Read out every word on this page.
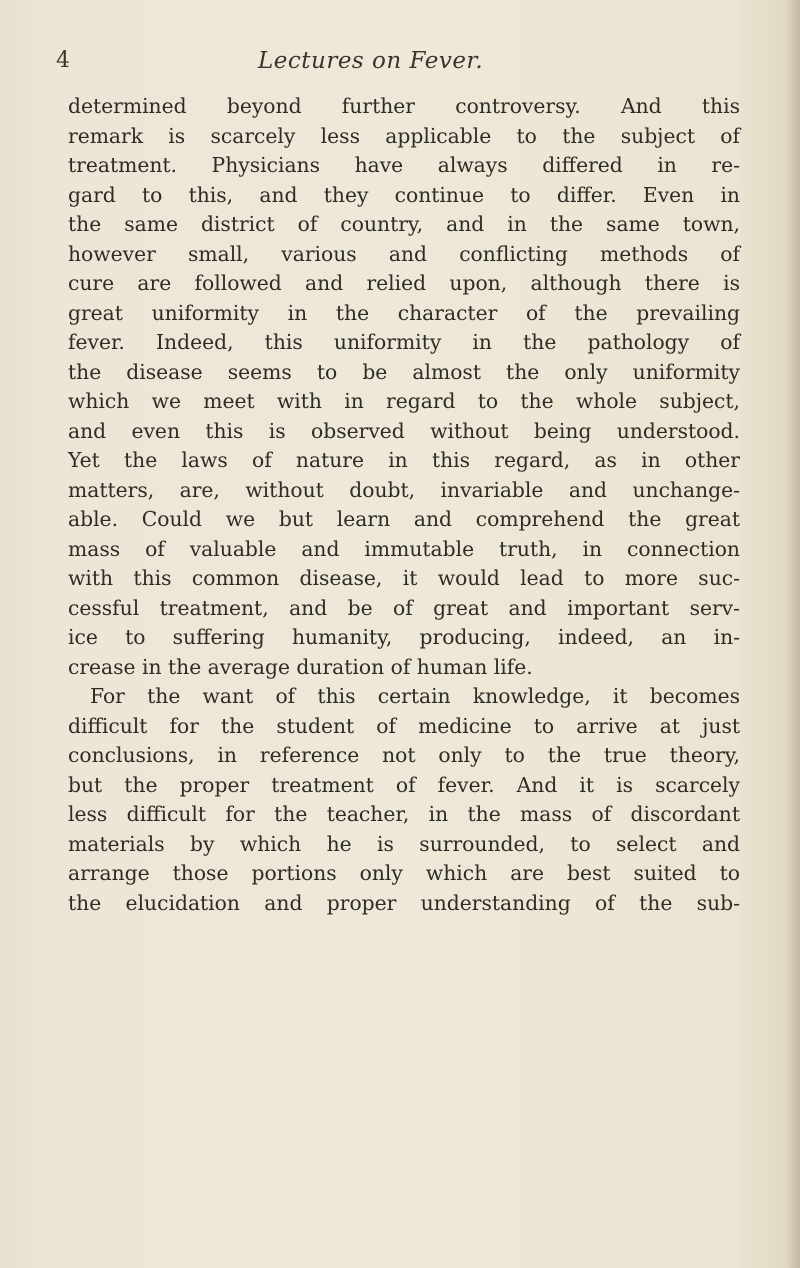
4	Lectures on Fever.
determined beyond further controversy. And this
remark is scarcely less applicable to the subject of
treatment. Physicians have always differed in re-
gard to this, and they continue to differ. Even in
the same district of country, and in the same town,
however small, various and conflicting methods of
cure are followed and relied upon, although there is
great uniformity in the character of the prevailing
fever. Indeed, this uniformity in the pathology of
the disease seems to be almost the only uniformity
which we meet with in regard to the whole subject,
and even this is observed without being understood.
Yet the laws of nature in this regard, as in other
matters, are, without doubt, invariable and unchange-
able. Could we but learn and comprehend the great
mass of valuable and immutable truth, in connection
with this common disease, it would lead to more suc-
cessful treatment, and be of great and important serv-
ice to suffering humanity, producing, indeed, an in-
crease in the average duration of human life.
For the want of this certain knowledge, it becomes
difficult for the student of medicine to arrive at just
conclusions, in reference not only to the true theory,
but the proper treatment of fever. And it is scarcely
less difficult for the teacher, in the mass of discordant
materials by which he is surrounded, to select and
arrange those portions only which are best suited to
the elucidation and proper understanding of the sub-
